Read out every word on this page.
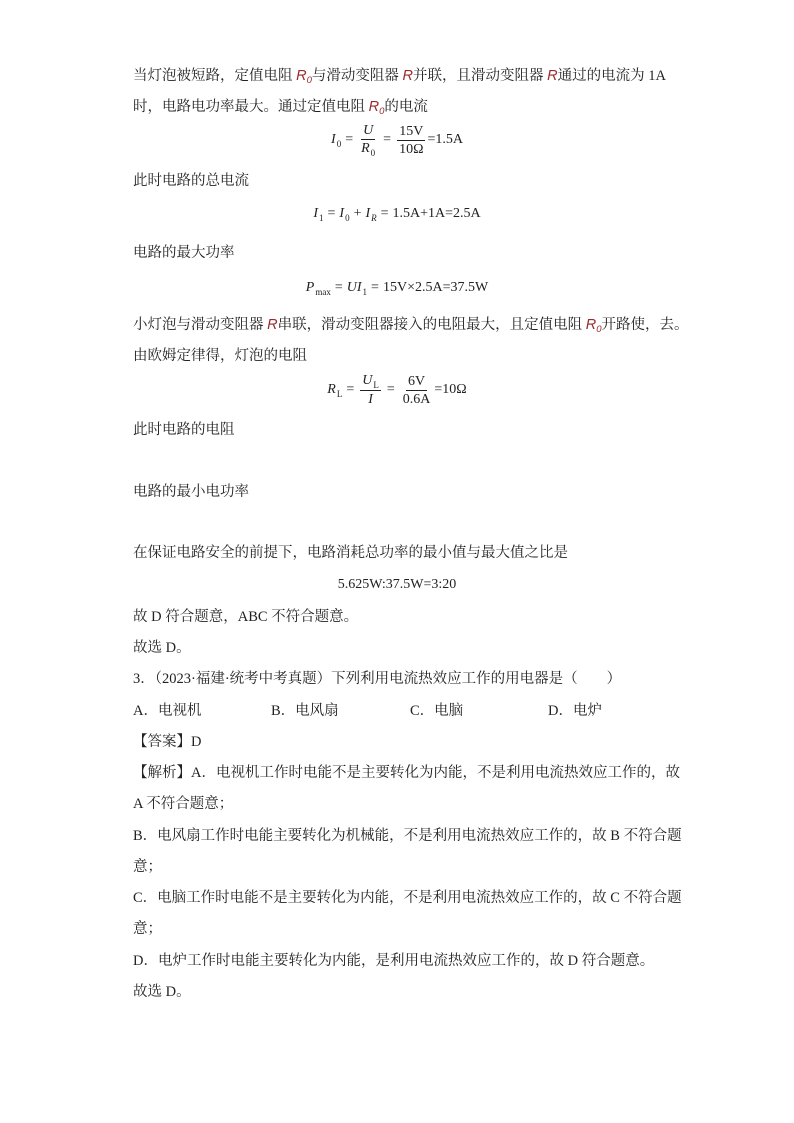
当灯泡被短路，定值电阻 $R_0$与滑动变阻器 R并联，且滑动变阻器 R通过的电流为 1A
时，电路电功率最大。通过定值电阻 $R_0$的电流
I $0 = \frac{U}{R_0} = \frac{15V}{10\Omega} =1.5A$
此时电路的总电流
I 1 = I 0 + I R = 1.5A+1A=2.5A
电路的最大功率
P max = UI 1 = 15V×2.5A=37.5W
小灯泡与滑动变阻器 R串联，滑动变阻器接入的电阻最大，且定值电阻 $R_0$开路使，去。
由欧姆定律得，灯泡的电阻
R $L = \frac{U_L}{I} = \frac{6V}{0.6A} =10\Omega$
此时电路的电阻
电路的最小电功率
在保证电路安全的前提下，电路消耗总功率的最小值与最大值之比是
5.625W:37.5W=3:20
故 D 符合题意，ABC 不符合题意。
故选 D。
3．（2023·福建·统考中考真题）下列利用电流热效应工作的用电器是（　　）
A．电视机	B．电风扇	C．电脑	D．电炉
【答案】D
【解析】A．电视机工作时电能不是主要转化为内能，不是利用电流热效应工作的，故
A 不符合题意；
B．电风扇工作时电能主要转化为机械能，不是利用电流热效应工作的，故 B 不符合题
意；
C．电脑工作时电能不是主要转化为内能，不是利用电流热效应工作的，故 C 不符合题
意；
D．电炉工作时电能主要转化为内能，是利用电流热效应工作的，故 D 符合题意。
故选 D。
